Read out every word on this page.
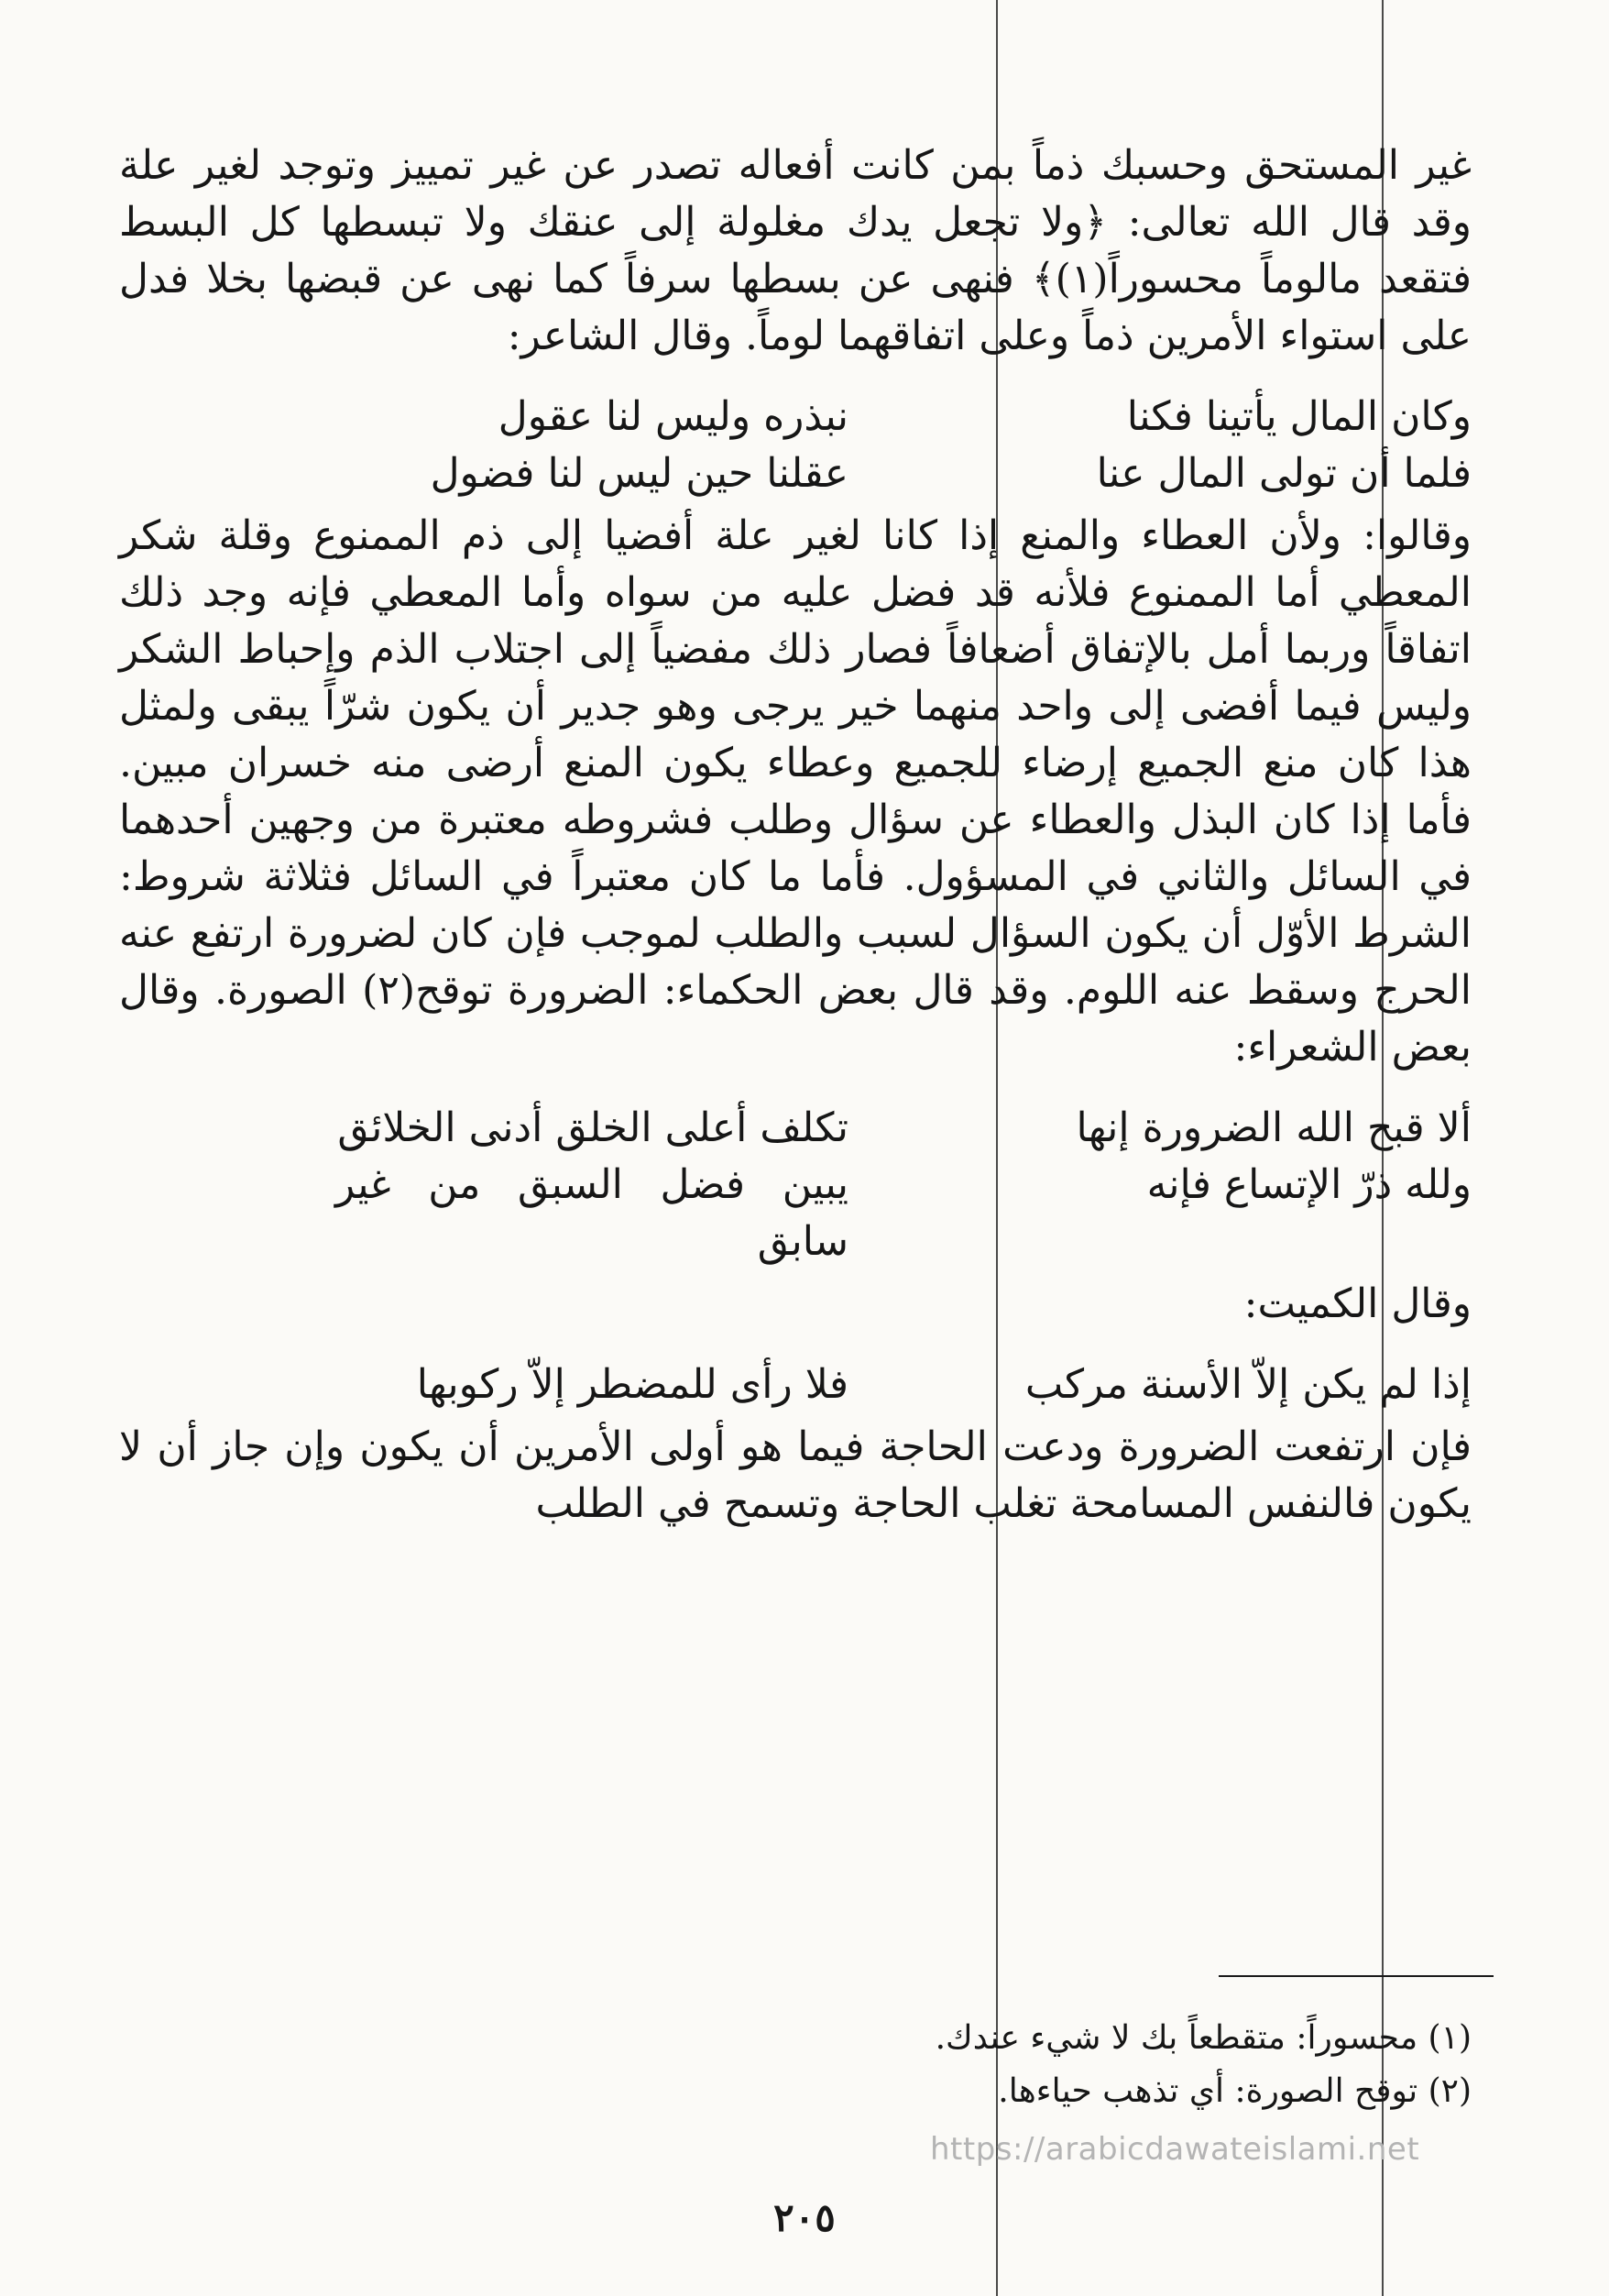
غير المستحق وحسبك ذماً بمن كانت أفعاله تصدر عن غير تمييز وتوجد لغير علة وقد قال الله تعالى: ﴿ولا تجعل يدك مغلولة إلى عنقك ولا تبسطها كل البسط فتقعد مالوماً محسوراً(١)﴾ فنهى عن بسطها سرفاً كما نهى عن قبضها بخلا فدل على استواء الأمرين ذماً وعلى اتفاقهما لوماً. وقال الشاعر:

وكان المال يأتينا فكنا
نبذره وليس لنا عقول
فلما أن تولى المال عنا
عقلنا حين ليس لنا فضول

وقالوا: ولأن العطاء والمنع إذا كانا لغير علة أفضيا إلى ذم الممنوع وقلة شكر المعطي أما الممنوع فلأنه قد فضل عليه من سواه وأما المعطي فإنه وجد ذلك اتفاقاً وربما أمل بالإتفاق أضعافاً فصار ذلك مفضياً إلى اجتلاب الذم وإحباط الشكر وليس فيما أفضى إلى واحد منهما خير يرجى وهو جدير أن يكون شرّاً يبقى ولمثل هذا كان منع الجميع إرضاء للجميع وعطاء يكون المنع أرضى منه خسران مبين. فأما إذا كان البذل والعطاء عن سؤال وطلب فشروطه معتبرة من وجهين أحدهما في السائل والثاني في المسؤول. فأما ما كان معتبراً في السائل فثلاثة شروط: الشرط الأوّل أن يكون السؤال لسبب والطلب لموجب فإن كان لضرورة ارتفع عنه الحرج وسقط عنه اللوم. وقد قال بعض الحكماء: الضرورة توقح(٢) الصورة. وقال بعض الشعراء:

ألا قبح الله الضرورة إنها
تكلف أعلى الخلق أدنى الخلائق
ولله ذرّ الإتساع فإنه
يبين فضل السبق من غير سابق

وقال الكميت:

إذا لم يكن إلاّ الأسنة مركب
فلا رأى للمضطر إلاّ ركوبها

فإن ارتفعت الضرورة ودعت الحاجة فيما هو أولى الأمرين أن يكون وإن جاز أن لا يكون فالنفس المسامحة تغلب الحاجة وتسمح في الطلب

(١) محسوراً: متقطعاً بك لا شيء عندك.
(٢) توقح الصورة: أي تذهب حياءها.
https://arabicdawateislami.net
٢٠٥
